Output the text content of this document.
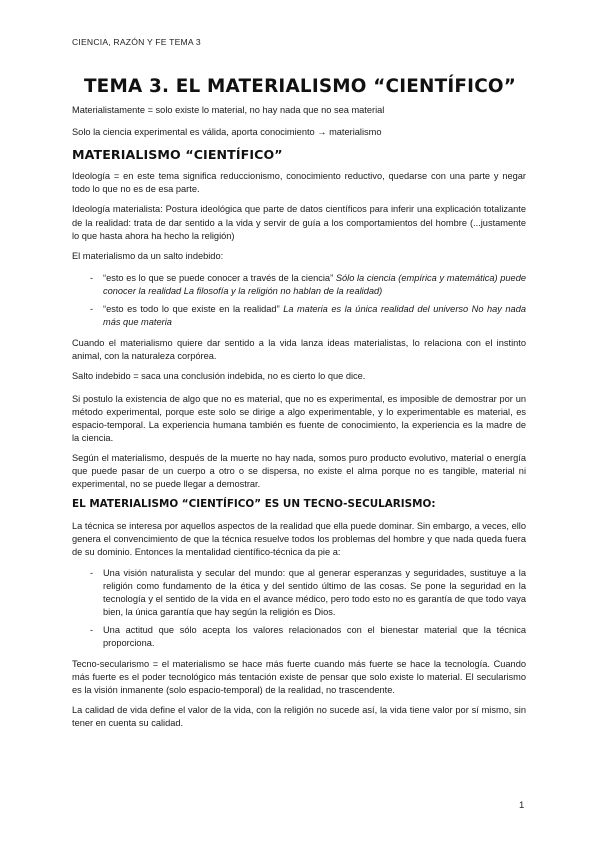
CIENCIA, RAZÓN Y FE TEMA 3
TEMA 3. EL MATERIALISMO “CIENTÍFICO”

Materialistamente = solo existe lo material, no hay nada que no sea material

Solo la ciencia experimental es válida, aporta conocimiento → materialismo

MATERIALISMO “CIENTÍFICO”

Ideología = en este tema significa reduccionismo, conocimiento reductivo, quedarse con una parte y negar todo lo que no es de esa parte.

Ideología materialista: Postura ideológica que parte de datos científicos para inferir una explicación totalizante de la realidad: trata de dar sentido a la vida y servir de guía a los comportamientos del hombre (...justamente lo que hasta ahora ha hecho la religión)

El materialismo da un salto indebido:

- “esto es lo que se puede conocer a través de la ciencia” Sólo la ciencia (empírica y matemática) puede conocer la realidad La filosofía y la religión no hablan de la realidad)
- “esto es todo lo que existe en la realidad” La materia es la única realidad del universo No hay nada más que materia

Cuando el materialismo quiere dar sentido a la vida lanza ideas materialistas, lo relaciona con el instinto animal, con la naturaleza corpórea.

Salto indebido = saca una conclusión indebida, no es cierto lo que dice.

Si postulo la existencia de algo que no es material, que no es experimental, es imposible de demostrar por un método experimental, porque este solo se dirige a algo experimentable, y lo experimentable es material, es espacio-temporal. La experiencia humana también es fuente de conocimiento, la experiencia es la madre de la ciencia.

Según el materialismo, después de la muerte no hay nada, somos puro producto evolutivo, material o energía que puede pasar de un cuerpo a otro o se dispersa, no existe el alma porque no es tangible, material ni experimental, no se puede llegar a demostrar.

EL MATERIALISMO “CIENTÍFICO” ES UN TECNO-SECULARISMO:

La técnica se interesa por aquellos aspectos de la realidad que ella puede dominar. Sin embargo, a veces, ello genera el convencimiento de que la técnica resuelve todos los problemas del hombre y que nada queda fuera de su dominio. Entonces la mentalidad científico-técnica da pie a:

- Una visión naturalista y secular del mundo: que al generar esperanzas y seguridades, sustituye a la religión como fundamento de la ética y del sentido último de las cosas. Se pone la seguridad en la tecnología y el sentido de la vida en el avance médico, pero todo esto no es garantía de que todo vaya bien, la única garantía que hay según la religión es Dios.
- Una actitud que sólo acepta los valores relacionados con el bienestar material que la técnica proporciona.

Tecno-secularismo = el materialismo se hace más fuerte cuando más fuerte se hace la tecnología. Cuando más fuerte es el poder tecnológico más tentación existe de pensar que solo existe lo material. El secularismo es la visión inmanente (solo espacio-temporal) de la realidad, no trascendente.

La calidad de vida define el valor de la vida, con la religión no sucede así, la vida tiene valor por sí mismo, sin tener en cuenta su calidad.

1
